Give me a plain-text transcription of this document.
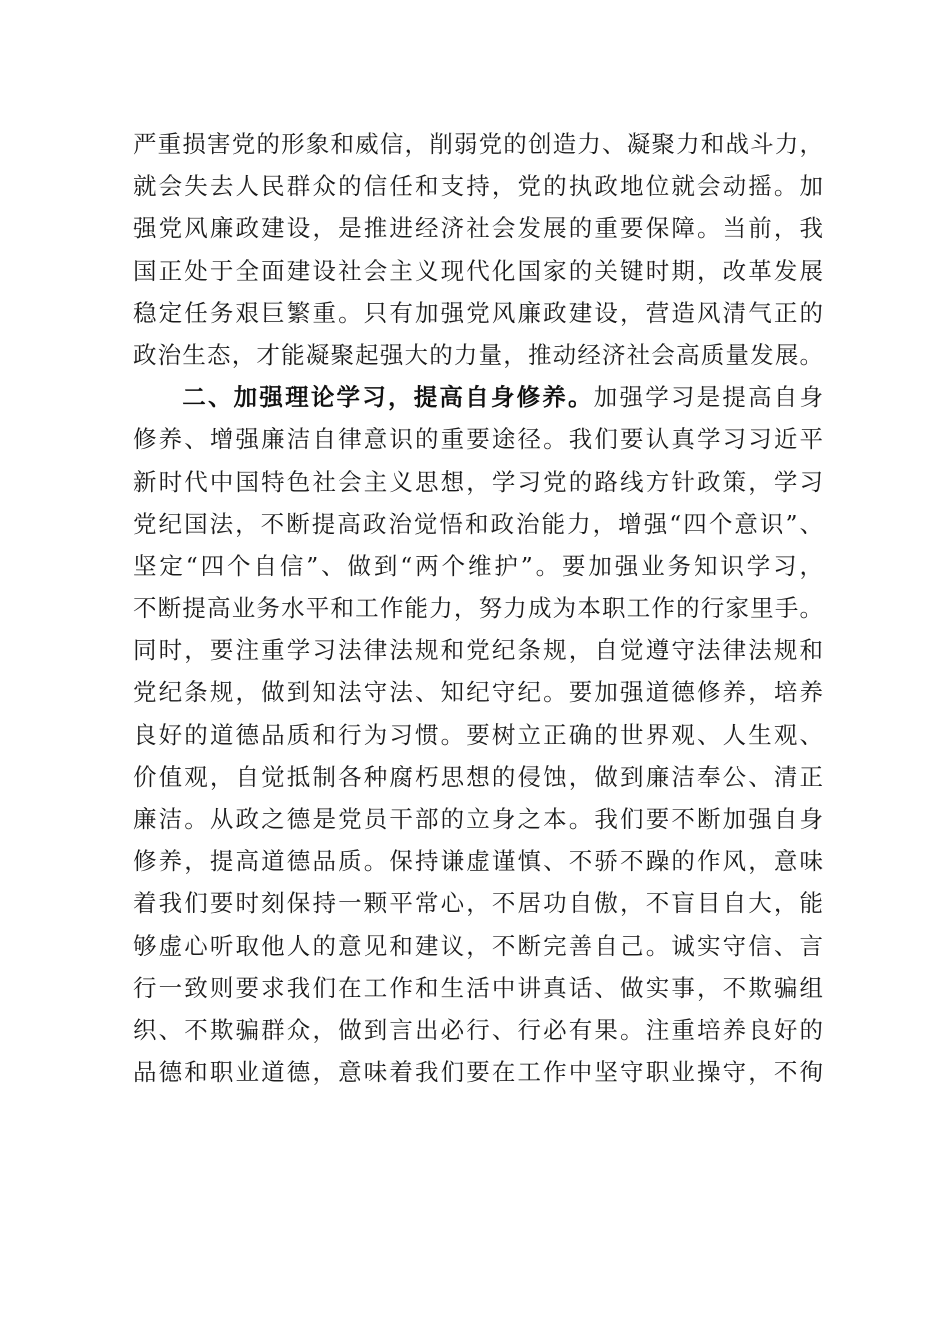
严重损害党的形象和威信，削弱党的创造力、凝聚力和战斗力，
就会失去人民群众的信任和支持，党的执政地位就会动摇。加
强党风廉政建设，是推进经济社会发展的重要保障。当前，我
国正处于全面建设社会主义现代化国家的关键时期，改革发展
稳定任务艰巨繁重。只有加强党风廉政建设，营造风清气正的
政治生态，才能凝聚起强大的力量，推动经济社会高质量发展。
二、加强理论学习，提高自身修养。加强学习是提高自身
修养、增强廉洁自律意识的重要途径。我们要认真学习习近平
新时代中国特色社会主义思想，学习党的路线方针政策，学习
党纪国法，不断提高政治觉悟和政治能力，增强“四个意识”、
坚定“四个自信”、做到“两个维护”。要加强业务知识学习，
不断提高业务水平和工作能力，努力成为本职工作的行家里手。
同时，要注重学习法律法规和党纪条规，自觉遵守法律法规和
党纪条规，做到知法守法、知纪守纪。要加强道德修养，培养
良好的道德品质和行为习惯。要树立正确的世界观、人生观、
价值观，自觉抵制各种腐朽思想的侵蚀，做到廉洁奉公、清正
廉洁。从政之德是党员干部的立身之本。我们要不断加强自身
修养，提高道德品质。保持谦虚谨慎、不骄不躁的作风，意味
着我们要时刻保持一颗平常心，不居功自傲，不盲目自大，能
够虚心听取他人的意见和建议，不断完善自己。诚实守信、言
行一致则要求我们在工作和生活中讲真话、做实事，不欺骗组
织、不欺骗群众，做到言出必行、行必有果。注重培养良好的
品德和职业道德，意味着我们要在工作中坚守职业操守，不徇
